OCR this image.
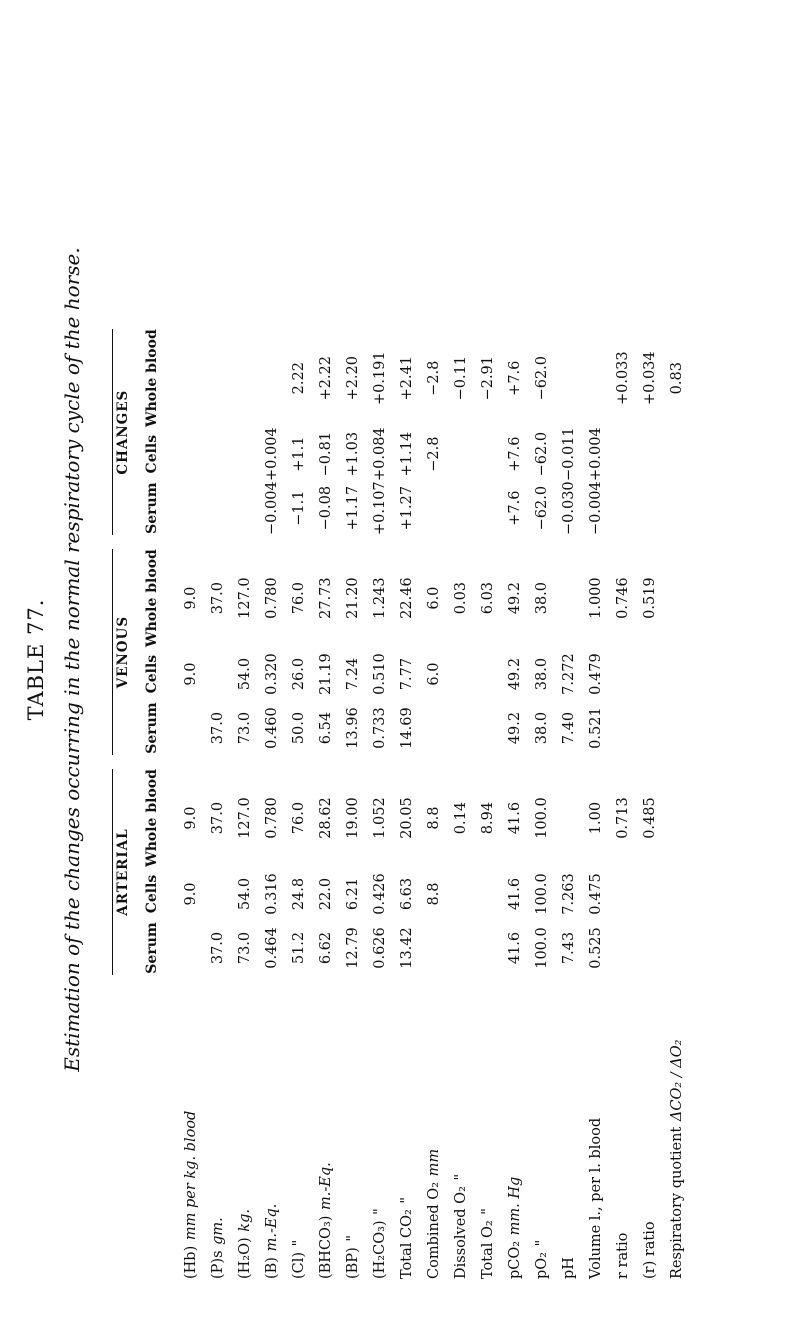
TABLE 77. Estimation of the changes occurring in the normal respiratory cycle of the horse.
	ARTERIAL				VENOUS				CHANGES		
	Serum	Cells	Whole blood		Serum	Cells	Whole blood		Serum	Cells	Whole blood
(Hb) mm per kg. blood		9.0	9.0			9.0	9.0				
(P)s gm.	37.0		37.0		37.0		37.0				
(H₂O) kg.	73.0	54.0	127.0		73.0	54.0	127.0				
(B) m.-Eq.	0.464	0.316	0.780		0.460	0.320	0.780		−0.004	+0.004	
(Cl) "	51.2	24.8	76.0		50.0	26.0	76.0		−1.1	+1.1	2.22
(BHCO₃) m.-Eq.	6.62	22.0	28.62		6.54	21.19	27.73		−0.08	−0.81	+2.22
(BP) "	12.79	6.21	19.00		13.96	7.24	21.20		+1.17	+1.03	+2.20
(H₂CO₃) "	0.626	0.426	1.052		0.733	0.510	1.243		+0.107	+0.084	+0.191
Total CO₂ "	13.42	6.63	20.05		14.69	7.77	22.46		+1.27	+1.14	+2.41
Combined O₂ mm		8.8	8.8			6.0	6.0			−2.8	−2.8
Dissolved O₂ "			0.14				0.03				−0.11
Total O₂ "			8.94				6.03				−2.91
pCO₂ mm. Hg	41.6	41.6	41.6		49.2	49.2	49.2		+7.6	+7.6	+7.6
pO₂ "	100.0	100.0	100.0		38.0	38.0	38.0		−62.0	−62.0	−62.0
pH	7.43	7.263			7.40	7.272			−0.030	−0.011	
Volume l., per l. blood	0.525	0.475	1.00		0.521	0.479	1.000		−0.004	+0.004	
r ratio			0.713				0.746				+0.033
(r) ratio			0.485				0.519				+0.034
Respiratory quotient ΔCO₂ / ΔO₂											0.83
